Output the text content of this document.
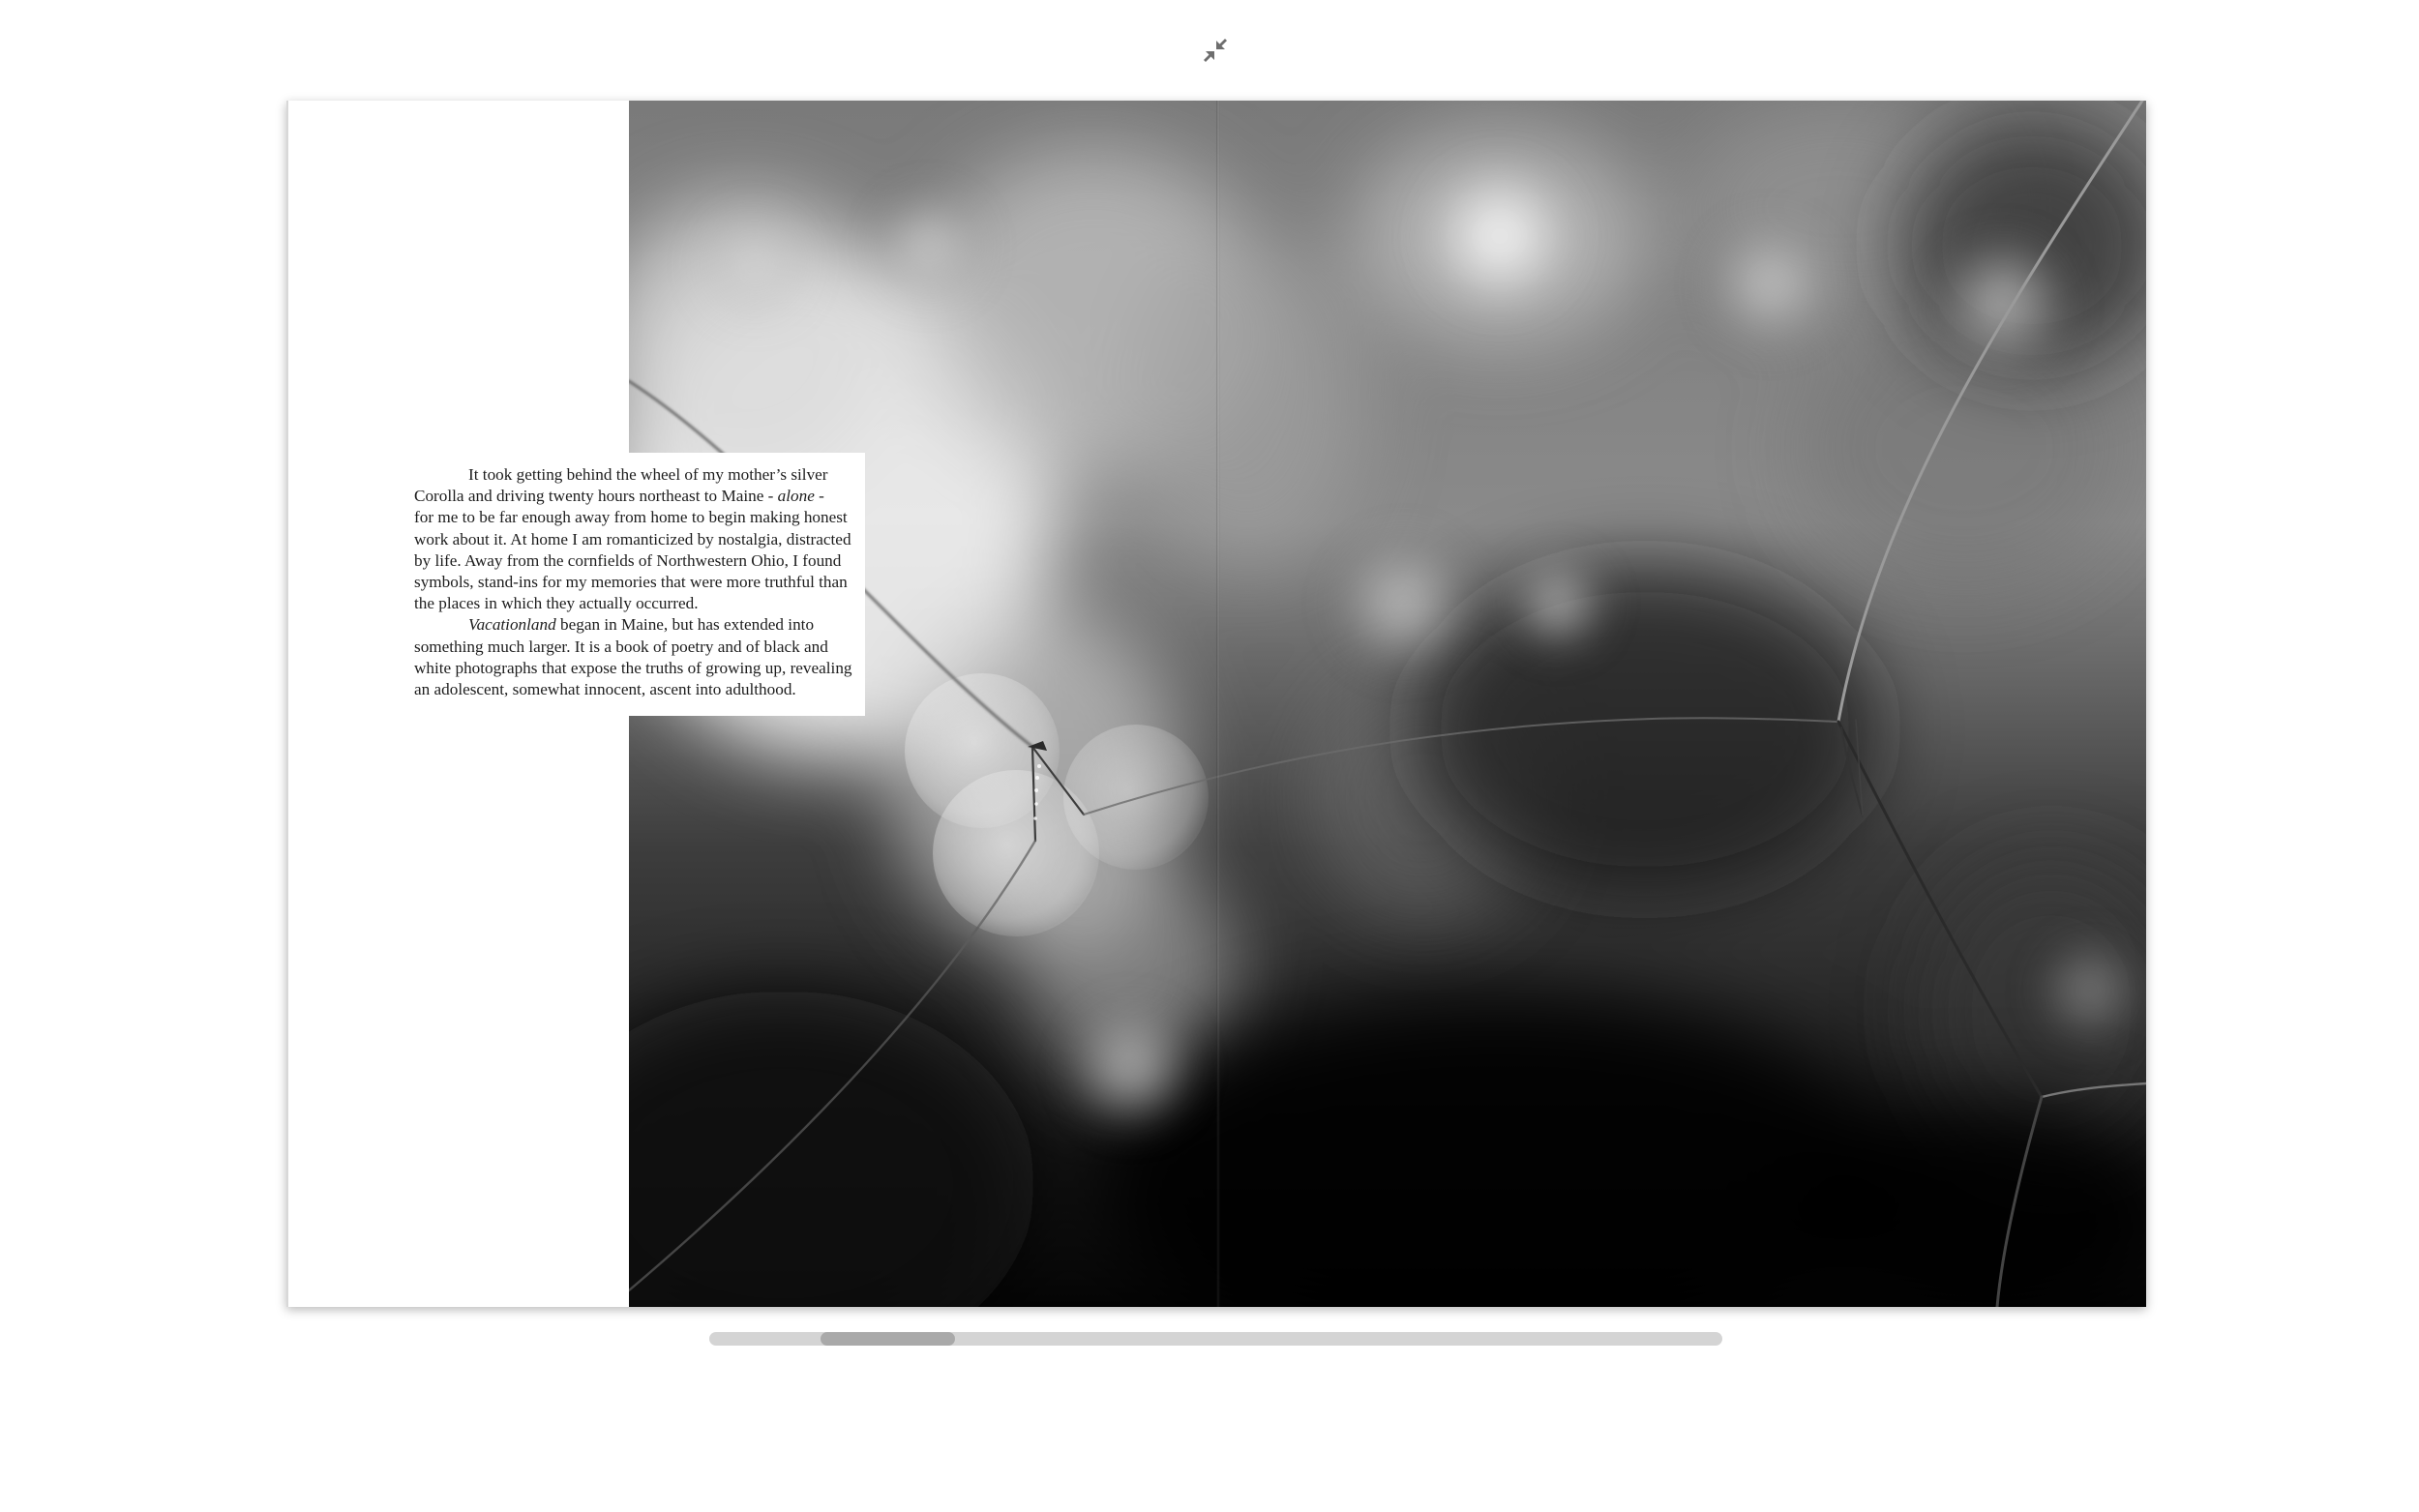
It took getting behind the wheel of my mother’s silver
Corolla and driving twenty hours northeast to Maine - alone -
for me to be far enough away from home to begin making honest
work about it. At home I am romanticized by nostalgia, distracted
by life. Away from the cornfields of Northwestern Ohio, I found
symbols, stand-ins for my memories that were more truthful than
the places in which they actually occurred.

Vacationland began in Maine, but has extended into
something much larger. It is a book of poetry and of black and
white photographs that expose the truths of growing up, revealing
an adolescent, somewhat innocent, ascent into adulthood.
